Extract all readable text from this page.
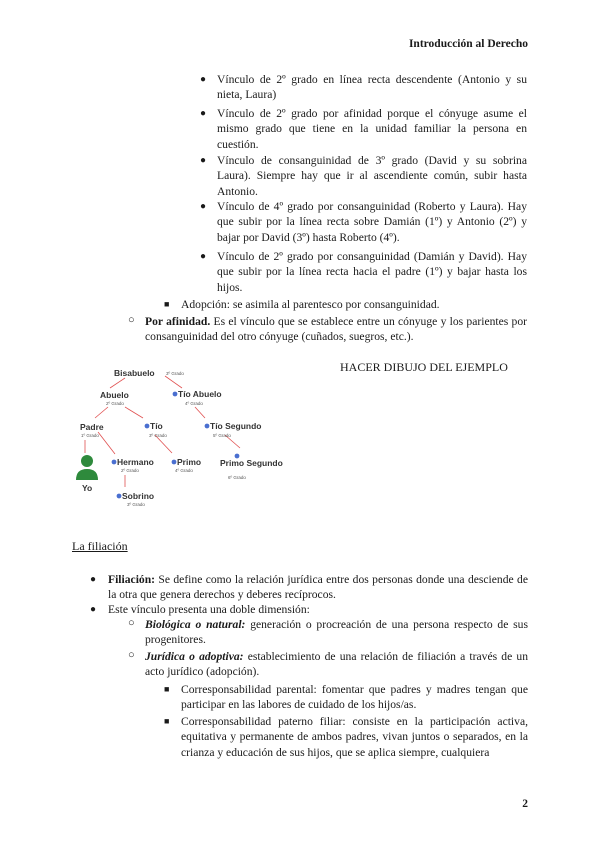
Introducción al Derecho
● Vínculo de 2º grado en línea recta descendente (Antonio y su nieta, Laura)
● Vínculo de 2º grado por afinidad porque el cónyuge asume el mismo grado que tiene en la unidad familiar la persona en cuestión.
● Vínculo de consanguinidad de 3º grado (David y su sobrina Laura). Siempre hay que ir al ascendiente común, subir hasta Antonio.
● Vínculo de 4º grado por consanguinidad (Roberto y Laura). Hay que subir por la línea recta sobre Damián (1º) y Antonio (2º) y bajar por David (3º) hasta Roberto (4º).
● Vínculo de 2º grado por consanguinidad (Damián y David). Hay que subir por la línea recta hacia el padre (1º) y bajar hasta los hijos.
■ Adopción: se asimila al parentesco por consanguinidad.
○ Por afinidad. Es el vínculo que se establece entre un cónyuge y los parientes por consanguinidad del otro cónyuge (cuñados, suegros, etc.).
Bisabuelo	3º Grado
Abuelo
2º Grado
Tío Abuelo
4º Grado
Padre
1º Grado
Tío
3º Grado
Tío Segundo
5º Grado
Hermano
2º Grado
Primo
4º Grado
Primo Segundo
6º Grado
Yo
Sobrino
3º Grado
HACER DIBUJO DEL EJEMPLO
La filiación
● Filiación: Se define como la relación jurídica entre dos personas donde una desciende de la otra que genera derechos y deberes recíprocos.
● Este vínculo presenta una doble dimensión:
○ Biológica o natural: generación o procreación de una persona respecto de sus progenitores.
○ Jurídica o adoptiva: establecimiento de una relación de filiación a través de un acto jurídico (adopción).
■ Corresponsabilidad parental: fomentar que padres y madres tengan que participar en las labores de cuidado de los hijos/as.
■ Corresponsabilidad paterno filiar: consiste en la participación activa, equitativa y permanente de ambos padres, vivan juntos o separados, en la crianza y educación de sus hijos, que se aplica siempre, cualquiera
2
